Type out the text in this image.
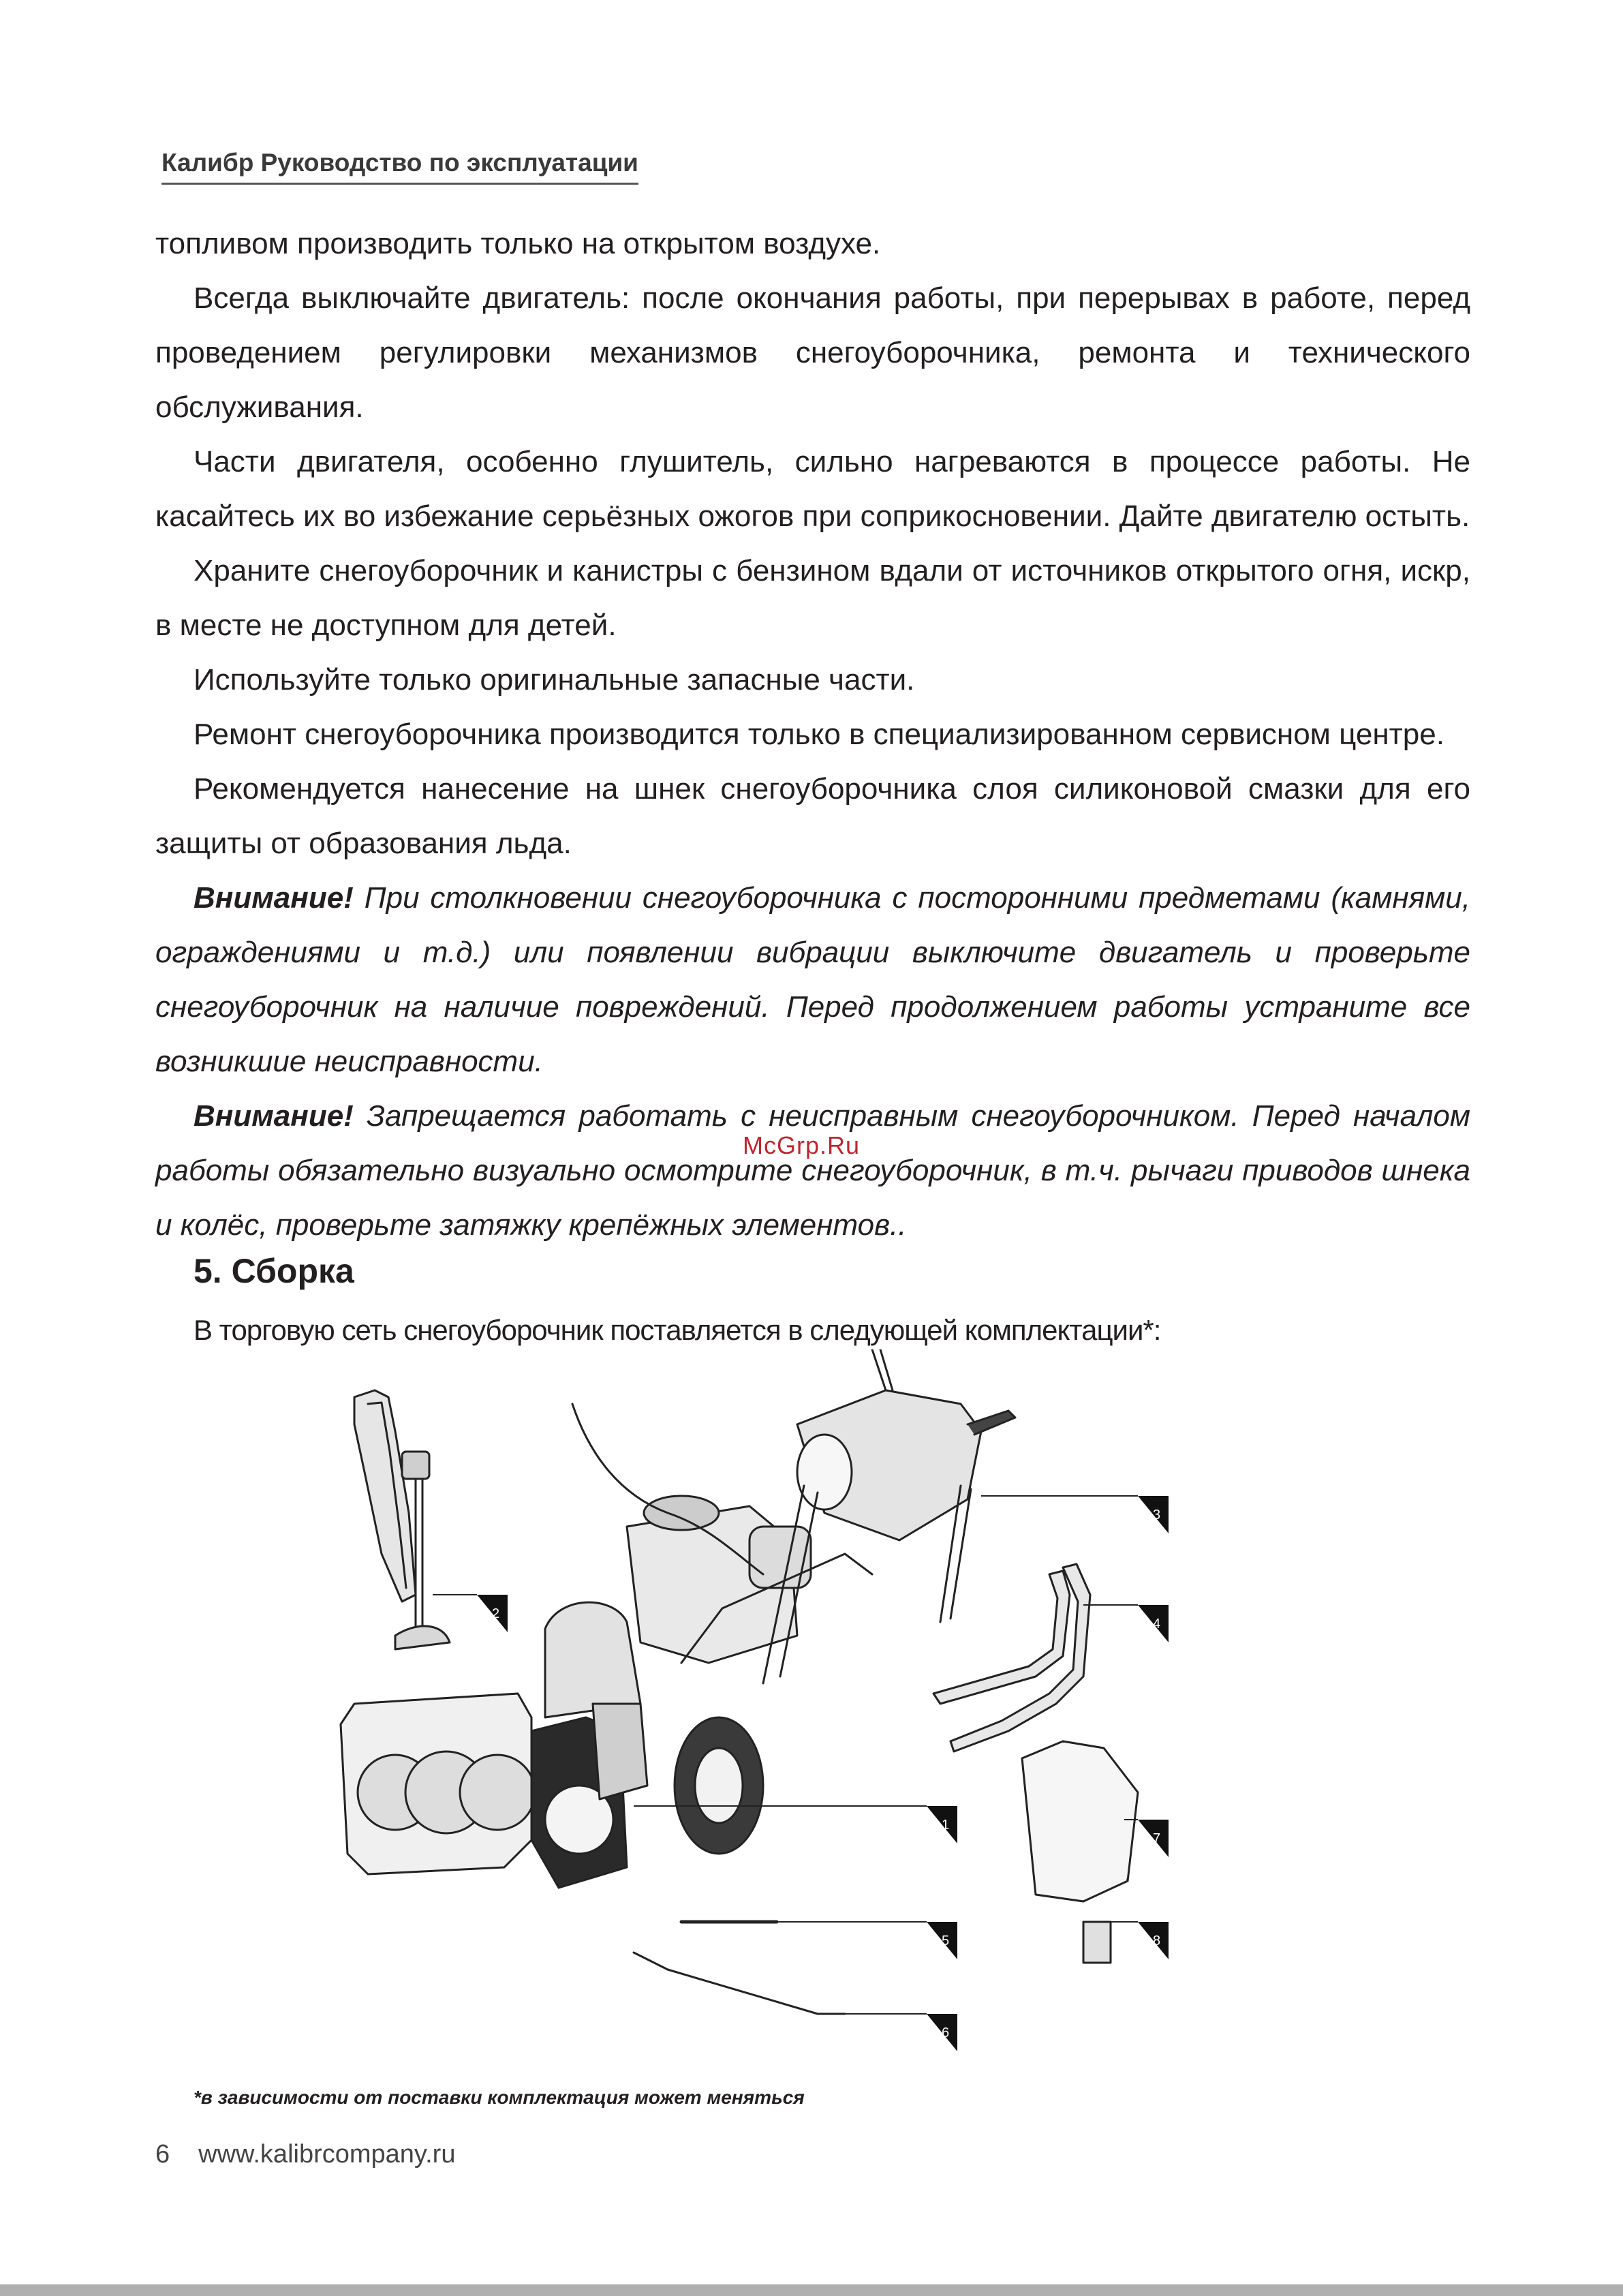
Калибр Руководство по эксплуатации

топливом производить только на открытом воздухе.

Всегда выключайте двигатель: после окончания работы, при перерывах в работе, перед проведением регулировки механизмов снегоуборочника, ремонта и технического обслуживания.

Части двигателя, особенно глушитель, сильно нагреваются в процессе работы. Не касайтесь их во избежание серьёзных ожогов при соприкосновении. Дайте двигателю остыть.

Храните снегоуборочник и канистры с бензином вдали от источников открытого огня, искр, в месте не доступном для детей.

Используйте только оригинальные запасные части.

Ремонт снегоуборочника производится только в специализированном сервисном центре.

Рекомендуется нанесение на шнек снегоуборочника слоя силиконовой смазки для его защиты от образования льда.

Внимание! При столкновении снегоуборочника с посторонними предметами (камнями, ограждениями и т.д.) или появлении вибрации выключите двигатель и проверьте снегоуборочник на наличие повреждений. Перед продолжением работы устраните все возникшие неисправности.

Внимание! Запрещается работать с неисправным снегоуборочником. Перед началом работы обязательно визуально осмотрите снегоуборочник, в т.ч. рычаги приводов шнека и колёс, проверьте затяжку крепёжных элементов..

McGrp.Ru
5. Сборка
В торговую сеть снегоуборочник поставляется в следующей комплектации*:
1
2
3
4
5
6
7
8
*в зависимости от поставки комплектация может меняться
6 www.kalibrcompany.ru
